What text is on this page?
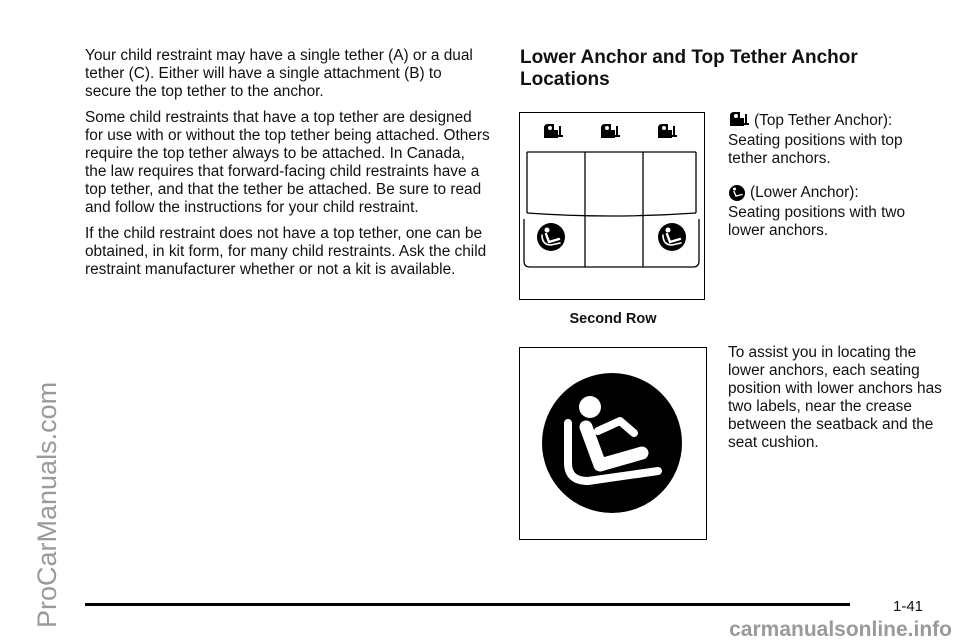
ProCarManuals.com

Your child restraint may have a single tether (A) or a dual tether (C). Either will have a single attachment (B) to secure the top tether to the anchor.

Some child restraints that have a top tether are designed for use with or without the top tether being attached. Others require the top tether always to be attached. In Canada, the law requires that forward-facing child restraints have a top tether, and that the tether be attached. Be sure to read and follow the instructions for your child restraint.

If the child restraint does not have a top tether, one can be obtained, in kit form, for many child restraints. Ask the child restraint manufacturer whether or not a kit is available.

Lower Anchor and Top Tether Anchor Locations
Second Row
(Top Tether Anchor):
Seating positions with top tether anchors.
(Lower Anchor):
Seating positions with two lower anchors.
To assist you in locating the lower anchors, each seating position with lower anchors has two labels, near the crease between the seatback and the seat cushion.
1-41
carmanualsonline.info
